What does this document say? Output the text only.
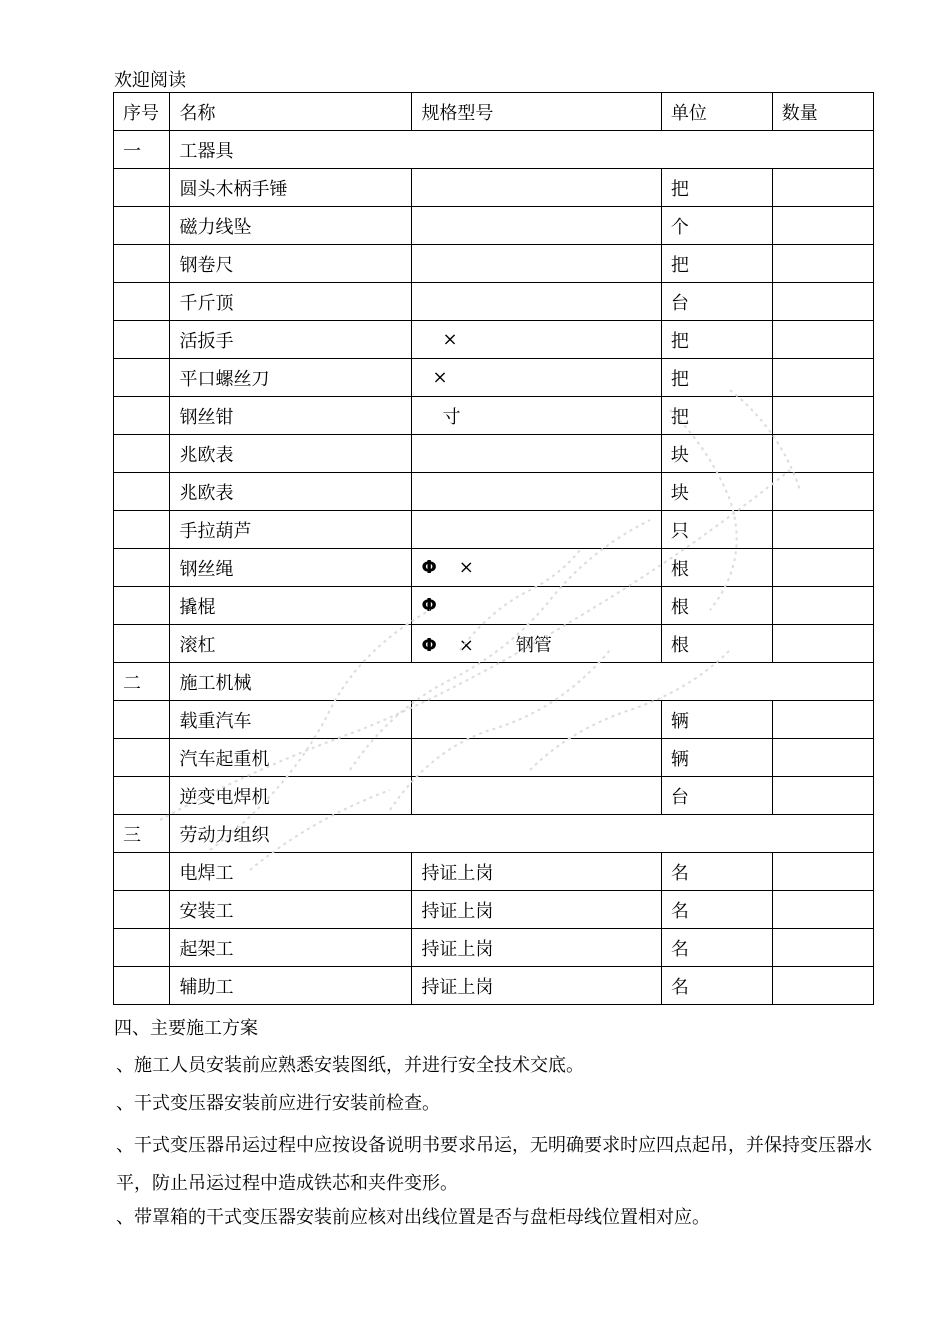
欢迎阅读
序号	名称	规格型号	单位	数量
一	工器具			
	圆头木柄手锤		把	
	磁力线坠		个	
	钢卷尺		把	
	千斤顶		台	
	活扳手	×	把	
	平口螺丝刀	×	把	
	钢丝钳	寸	把	
	兆欧表		块	
	兆欧表		块	
	手拉葫芦		只	
	钢丝绳	Φ ×	根	
	撬棍	Φ	根	
	滚杠	Φ × 钢管	根	
二	施工机械			
	载重汽车		辆	
	汽车起重机		辆	
	逆变电焊机		台	
三	劳动力组织			
	电焊工	持证上岗	名	
	安装工	持证上岗	名	
	起架工	持证上岗	名	
	辅助工	持证上岗	名	
四、主要施工方案
、施工人员安装前应熟悉安装图纸，并进行安全技术交底。
、干式变压器安装前应进行安装前检查。
、干式变压器吊运过程中应按设备说明书要求吊运，无明确要求时应四点起吊，并保持变压器水平，防止吊运过程中造成铁芯和夹件变形。
、带罩箱的干式变压器安装前应核对出线位置是否与盘柜母线位置相对应。
